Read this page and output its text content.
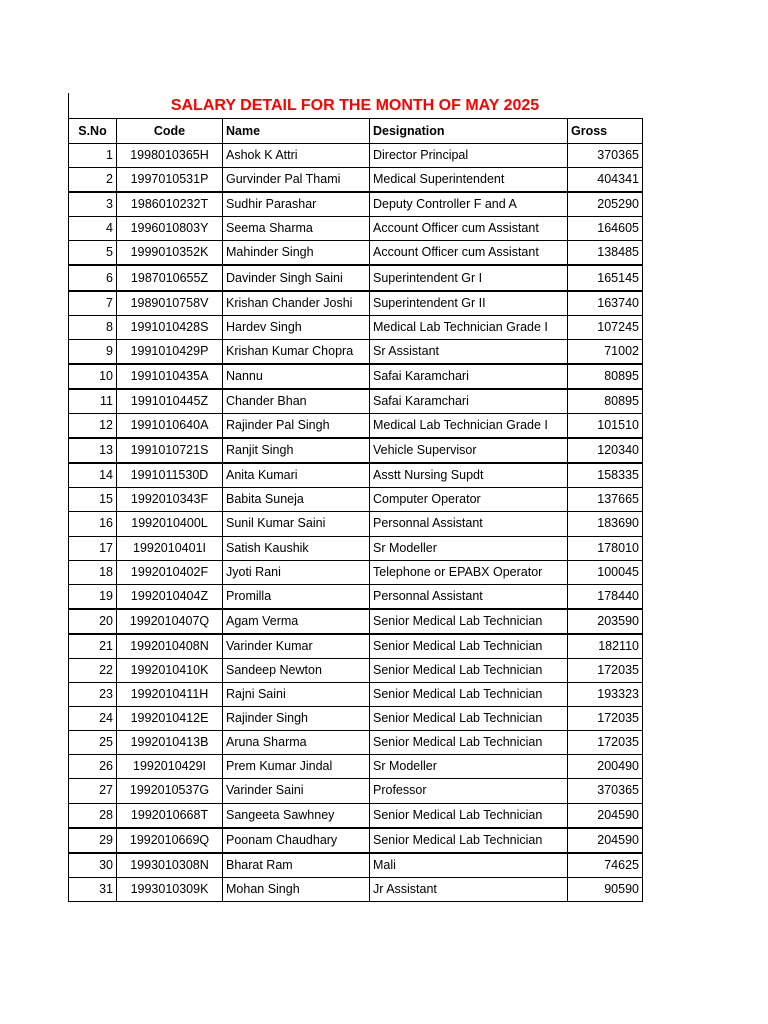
SALARY DETAIL FOR THE MONTH OF MAY 2025
S.No	Code	Name	Designation	Gross
1	1998010365H	Ashok K Attri	Director Principal	370365
2	1997010531P	Gurvinder Pal Thami	Medical Superintendent	404341
3	1986010232T	Sudhir Parashar	Deputy Controller F and A	205290
4	1996010803Y	Seema Sharma	Account Officer cum Assistant	164605
5	1999010352K	Mahinder Singh	Account Officer cum Assistant	138485
6	1987010655Z	Davinder Singh Saini	Superintendent Gr I	165145
7	1989010758V	Krishan Chander Joshi	Superintendent Gr II	163740
8	1991010428S	Hardev Singh	Medical Lab Technician Grade I	107245
9	1991010429P	Krishan Kumar Chopra	Sr Assistant	71002
10	1991010435A	Nannu	Safai Karamchari	80895
11	1991010445Z	Chander Bhan	Safai Karamchari	80895
12	1991010640A	Rajinder Pal Singh	Medical Lab Technician Grade I	101510
13	1991010721S	Ranjit Singh	Vehicle Supervisor	120340
14	1991011530D	Anita Kumari	Asstt Nursing Supdt	158335
15	1992010343F	Babita Suneja	Computer Operator	137665
16	1992010400L	Sunil Kumar Saini	Personnal Assistant	183690
17	1992010401I	Satish Kaushik	Sr Modeller	178010
18	1992010402F	Jyoti Rani	Telephone or EPABX Operator	100045
19	1992010404Z	Promilla	Personnal Assistant	178440
20	1992010407Q	Agam Verma	Senior Medical Lab Technician	203590
21	1992010408N	Varinder Kumar	Senior Medical Lab Technician	182110
22	1992010410K	Sandeep Newton	Senior Medical Lab Technician	172035
23	1992010411H	Rajni Saini	Senior Medical Lab Technician	193323
24	1992010412E	Rajinder Singh	Senior Medical Lab Technician	172035
25	1992010413B	Aruna Sharma	Senior Medical Lab Technician	172035
26	1992010429I	Prem Kumar Jindal	Sr Modeller	200490
27	1992010537G	Varinder Saini	Professor	370365
28	1992010668T	Sangeeta Sawhney	Senior Medical Lab Technician	204590
29	1992010669Q	Poonam Chaudhary	Senior Medical Lab Technician	204590
30	1993010308N	Bharat Ram	Mali	74625
31	1993010309K	Mohan Singh	Jr Assistant	90590
